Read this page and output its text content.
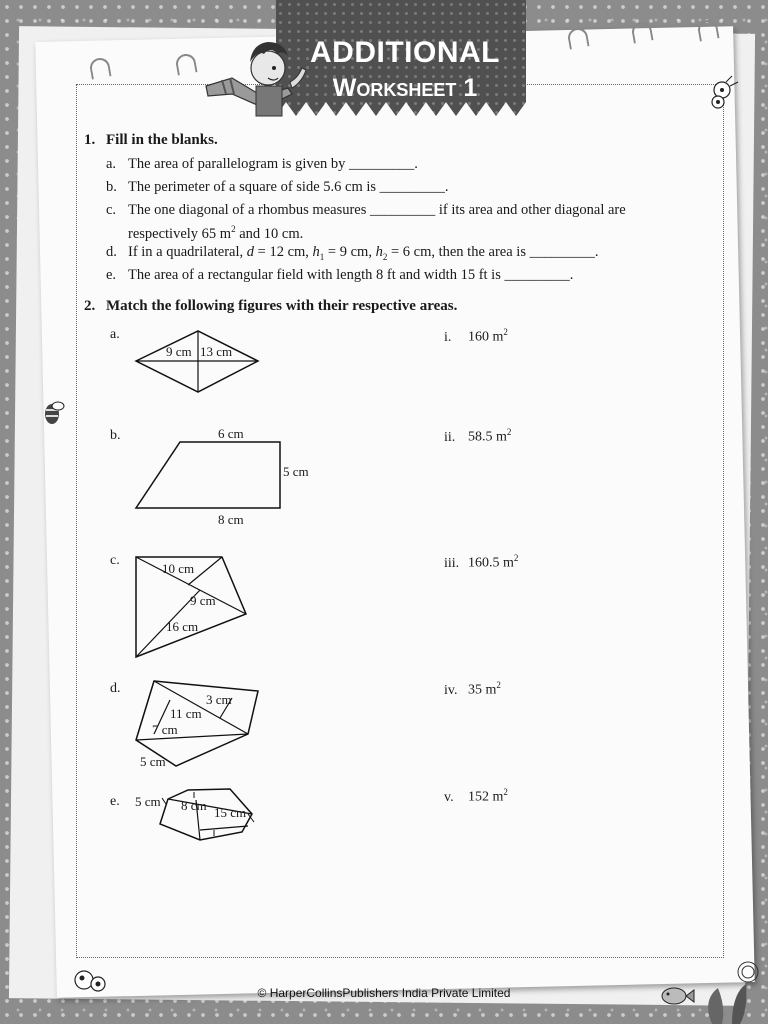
ADDITIONAL
Worksheet 1
1. Fill in the blanks.
a. The area of parallelogram is given by _________.
b. The perimeter of a square of side 5.6 cm is _________.
c. The one diagonal of a rhombus measures _________ if its area and other diagonal are
respectively 65 $m^2$ and 10 cm.
d. If in a quadrilateral, d = 12 cm, $h_1 = 9$ cm, $h_2 = 6$ cm, then the area is _________.
e. The area of a rectangular field with length 8 ft and width 15 ft is _________.
2. Match the following figures with their respective areas.
a.
b.
c.
d.
e.
i. 160 $m^2$
ii. 58.5 $m^2$
iii. 160.5 $m^2$
iv. 35 $m^2$
v. 152 $m^2$
9 cm 13 cm
6 cm
5 cm
8 cm
10 cm
9 cm
16 cm
3 cm
11 cm
7 cm
5 cm
5 cm 8 cm 15 cm
© HarperCollinsPublishers India Private Limited
